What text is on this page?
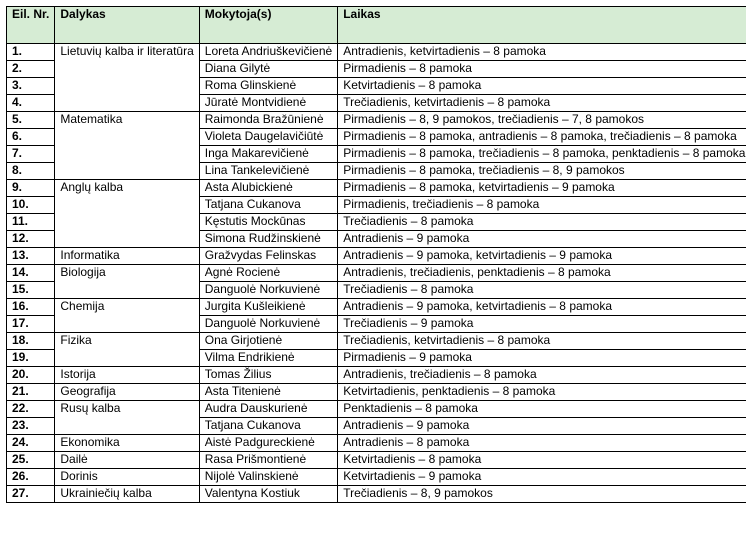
Eil. Nr.	Dalykas	Mokytoja(s)	Laikas
1.	Lietuvių kalba ir literatūra	Loreta Andriuškevičienė	Antradienis, ketvirtadienis – 8 pamoka
2.		Diana Gilytė	Pirmadienis – 8 pamoka
3.		Roma Glinskienė	Ketvirtadienis – 8 pamoka
4.		Jūratė Montvidienė	Trečiadienis, ketvirtadienis – 8 pamoka
5.	Matematika	Raimonda Bražūnienė	Pirmadienis – 8, 9 pamokos, trečiadienis – 7, 8 pamokos
6.		Violeta Daugelavičiūtė	Pirmadienis – 8 pamoka, antradienis – 8 pamoka, trečiadienis – 8 pamoka
7.		Inga Makarevičienė	Pirmadienis – 8 pamoka, trečiadienis – 8 pamoka, penktadienis – 8 pamoka
8.		Lina Tankelevičienė	Pirmadienis – 8 pamoka, trečiadienis – 8, 9 pamokos
9.	Anglų kalba	Asta Alubickienė	Pirmadienis – 8 pamoka, ketvirtadienis – 9 pamoka
10.		Tatjana Cukanova	Pirmadienis, trečiadienis – 8 pamoka
11.		Kęstutis Mockūnas	Trečiadienis – 8 pamoka
12.		Simona Rudžinskienė	Antradienis – 9 pamoka
13.	Informatika	Gražvydas Felinskas	Antradienis – 9 pamoka, ketvirtadienis – 9 pamoka
14.	Biologija	Agnė Rocienė	Antradienis, trečiadienis, penktadienis – 8 pamoka
15.		Danguolė Norkuvienė	Trečiadienis – 8 pamoka
16.	Chemija	Jurgita Kušleikienė	Antradienis – 9 pamoka, ketvirtadienis – 8 pamoka
17.		Danguolė Norkuvienė	Trečiadienis – 9 pamoka
18.	Fizika	Ona Girjotienė	Trečiadienis, ketvirtadienis – 8 pamoka
19.		Vilma Endrikienė	Pirmadienis – 9 pamoka
20.	Istorija	Tomas Žilius	Antradienis, trečiadienis – 8 pamoka
21.	Geografija	Asta Titenienė	Ketvirtadienis, penktadienis – 8 pamoka
22.	Rusų kalba	Audra Dauskurienė	Penktadienis – 8 pamoka
23.		Tatjana Cukanova	Antradienis – 9 pamoka
24.	Ekonomika	Aistė Padgureckienė	Antradienis – 8 pamoka
25.	Dailė	Rasa Prišmontienė	Ketvirtadienis – 8 pamoka
26.	Dorinis	Nijolė Valinskienė	Ketvirtadienis – 9 pamoka
27.	Ukrainiečių kalba	Valentyna Kostiuk	Trečiadienis – 8, 9 pamokos
